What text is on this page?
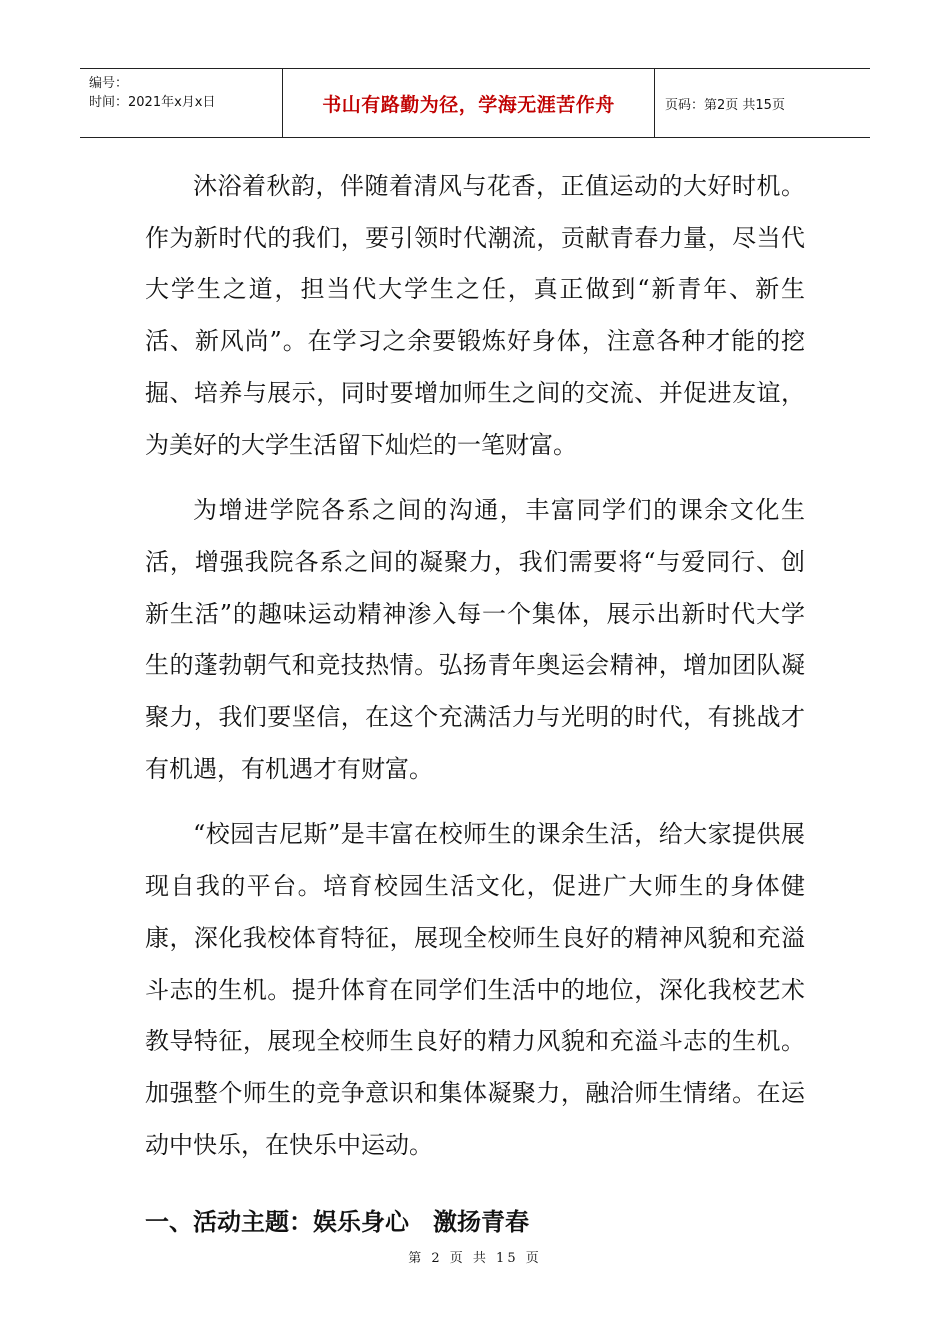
编号：
时间：2021年x月x日	书山有路勤为径，学海无涯苦作舟	页码：第2页 共15页

沐浴着秋韵，伴随着清风与花香，正值运动的大好时机。作为新时代的我们，要引领时代潮流，贡献青春力量，尽当代大学生之道，担当代大学生之任，真正做到“新青年、新生活、新风尚”。在学习之余要锻炼好身体，注意各种才能的挖掘、培养与展示，同时要增加师生之间的交流、并促进友谊，为美好的大学生活留下灿烂的一笔财富。

为增进学院各系之间的沟通，丰富同学们的课余文化生活，增强我院各系之间的凝聚力，我们需要将“与爱同行、创新生活”的趣味运动精神渗入每一个集体，展示出新时代大学生的蓬勃朝气和竞技热情。弘扬青年奥运会精神，增加团队凝聚力，我们要坚信，在这个充满活力与光明的时代，有挑战才有机遇，有机遇才有财富。

“校园吉尼斯”是丰富在校师生的课余生活，给大家提供展现自我的平台。培育校园生活文化，促进广大师生的身体健康，深化我校体育特征，展现全校师生良好的精神风貌和充溢斗志的生机。提升体育在同学们生活中的地位，深化我校艺术教导特征，展现全校师生良好的精力风貌和充溢斗志的生机。加强整个师生的竞争意识和集体凝聚力，融洽师生情绪。在运动中快乐，在快乐中运动。

一、活动主题：娱乐身心　激扬青春
第 2 页 共 15 页
